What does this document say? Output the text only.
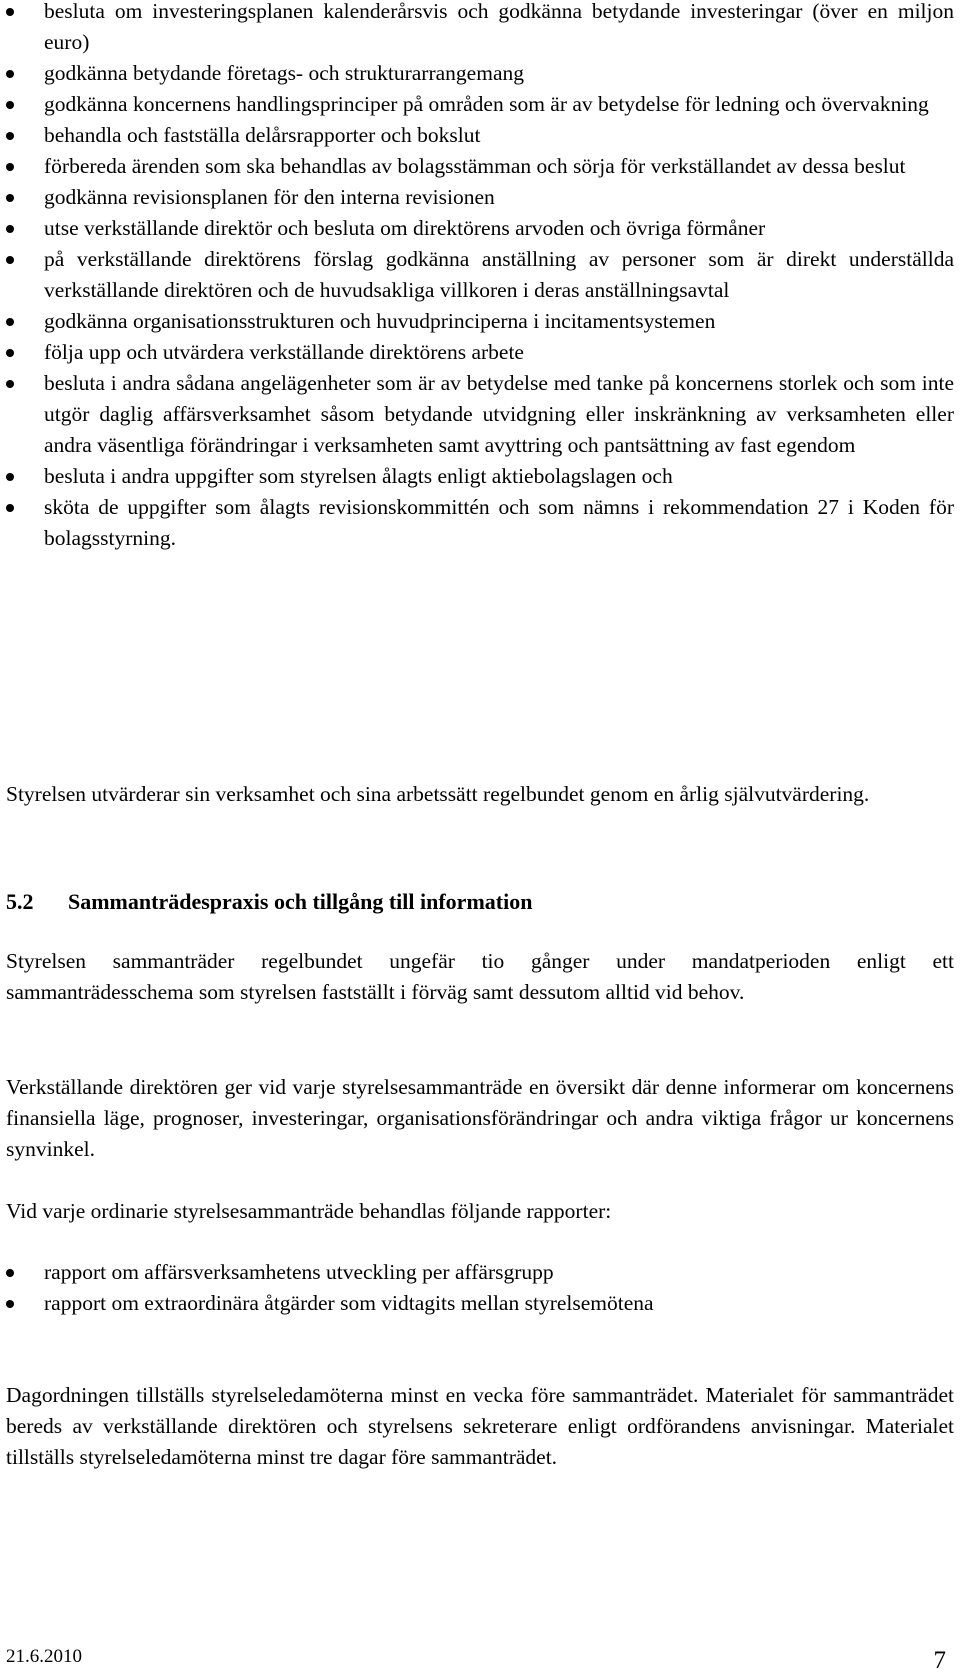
besluta om investeringsplanen kalenderårsvis och godkänna betydande investeringar (över en miljon euro)
godkänna betydande företags- och strukturarrangemang
godkänna koncernens handlingsprinciper på områden som är av betydelse för ledning och övervakning
behandla och fastställa delårsrapporter och bokslut
förbereda ärenden som ska behandlas av bolagsstämman och sörja för verkställandet av dessa beslut
godkänna revisionsplanen för den interna revisionen
utse verkställande direktör och besluta om direktörens arvoden och övriga förmåner
på verkställande direktörens förslag godkänna anställning av personer som är direkt underställda verkställande direktören och de huvudsakliga villkoren i deras anställningsavtal
godkänna organisationsstrukturen och huvudprinciperna i incitamentsystemen
följa upp och utvärdera verkställande direktörens arbete
besluta i andra sådana angelägenheter som är av betydelse med tanke på koncernens storlek och som inte utgör daglig affärsverksamhet såsom betydande utvidgning eller inskränkning av verksamheten eller andra väsentliga förändringar i verksamheten samt avyttring och pantsättning av fast egendom
besluta i andra uppgifter som styrelsen ålagts enligt aktiebolagslagen och
sköta de uppgifter som ålagts revisionskommittén och som nämns i rekommendation 27 i Koden för bolagsstyrning.

Styrelsen utvärderar sin verksamhet och sina arbetssätt regelbundet genom en årlig självutvärdering.

5.2 Sammanträdespraxis och tillgång till information

Styrelsen sammanträder regelbundet ungefär tio gånger under mandatperioden enligt ett sammanträdesschema som styrelsen fastställt i förväg samt dessutom alltid vid behov.

Verkställande direktören ger vid varje styrelsesammanträde en översikt där denne informerar om koncernens finansiella läge, prognoser, investeringar, organisationsförändringar och andra viktiga frågor ur koncernens synvinkel.

Vid varje ordinarie styrelsesammanträde behandlas följande rapporter:

rapport om affärsverksamhetens utveckling per affärsgrupp
rapport om extraordinära åtgärder som vidtagits mellan styrelsemötena

Dagordningen tillställs styrelseledamöterna minst en vecka före sammanträdet. Materialet för sammanträdet bereds av verkställande direktören och styrelsens sekreterare enligt ordförandens anvisningar. Materialet tillställs styrelseledamöterna minst tre dagar före sammanträdet.

21.6.2010	7
